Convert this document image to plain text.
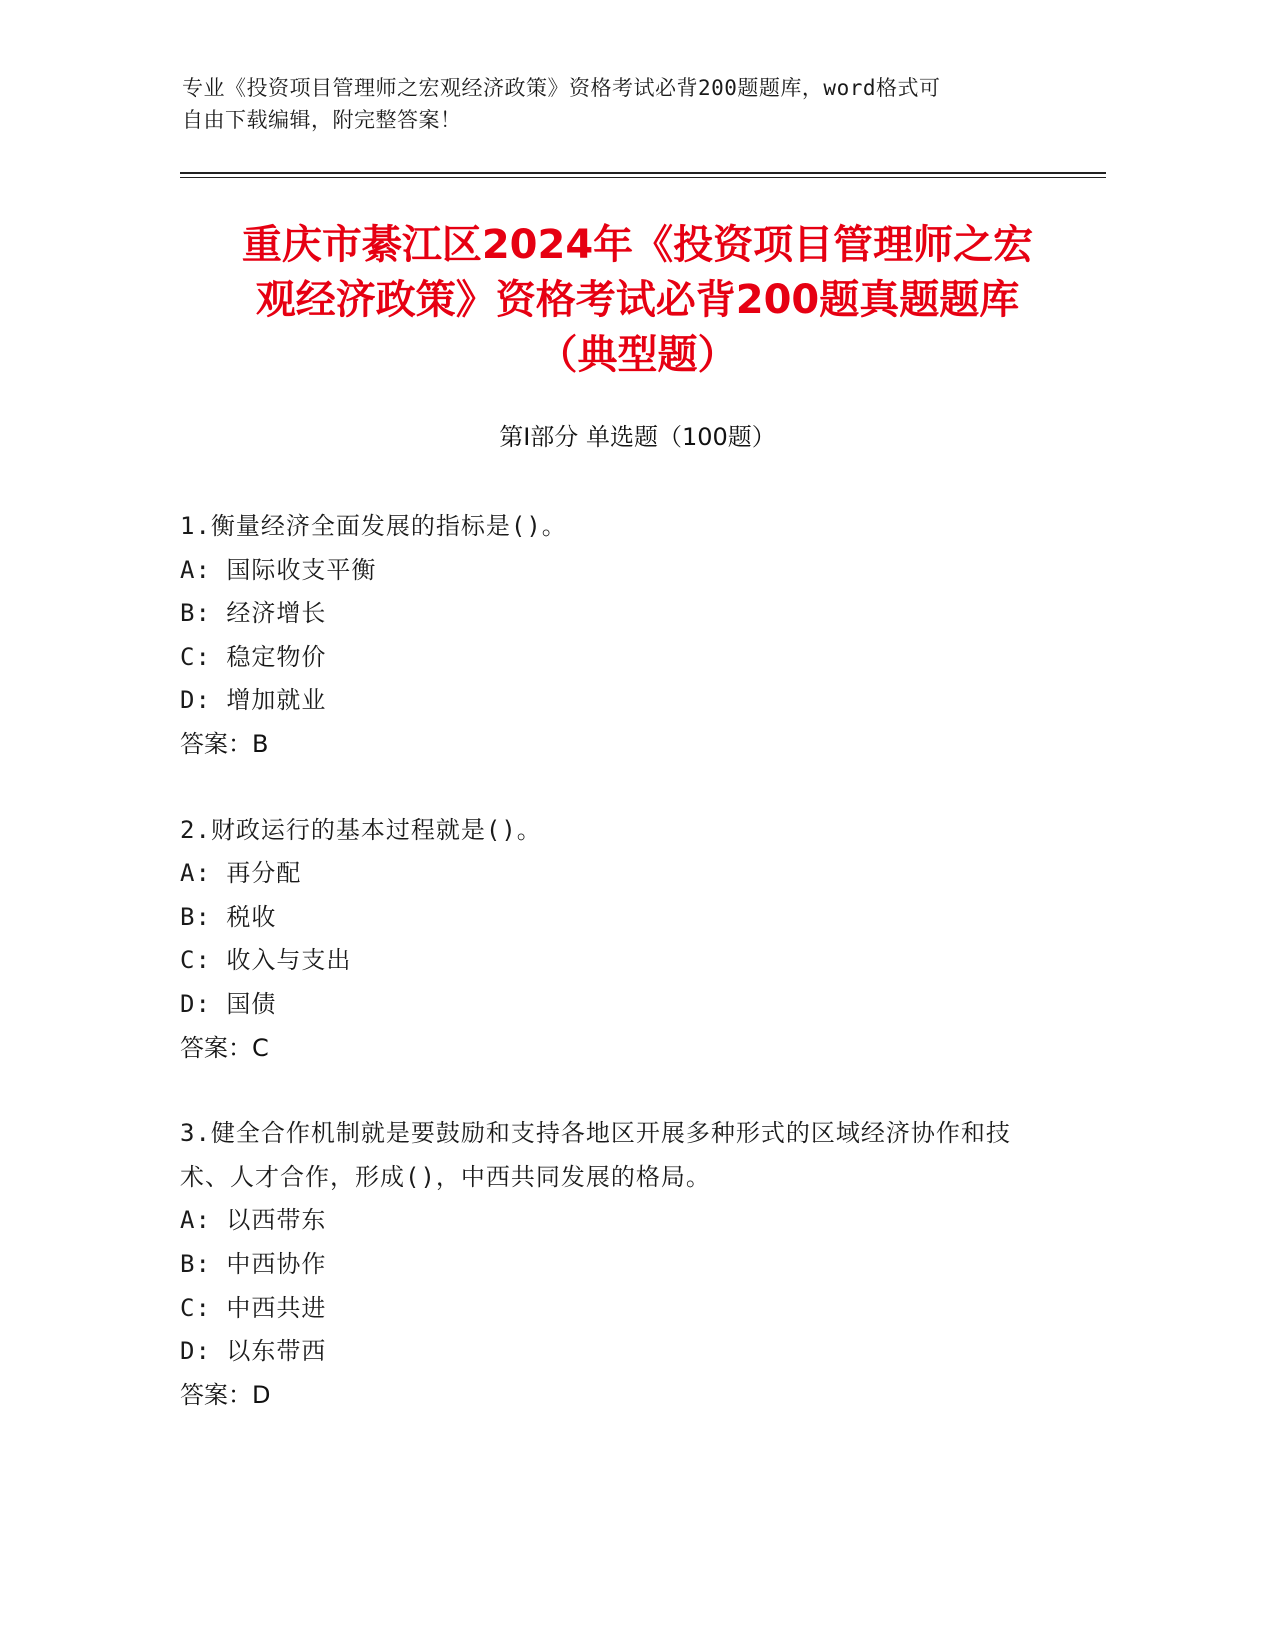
专业《投资项目管理师之宏观经济政策》资格考试必背200题题库，word格式可
自由下载编辑，附完整答案！
重庆市綦江区2024年《投资项目管理师之宏
观经济政策》资格考试必背200题真题题库
（典型题）
第Ⅰ部分 单选题（100题）
1.衡量经济全面发展的指标是()。
A: 国际收支平衡
B: 经济增长
C: 稳定物价
D: 增加就业
答案：B
2.财政运行的基本过程就是()。
A: 再分配
B: 税收
C: 收入与支出
D: 国债
答案：C
3.健全合作机制就是要鼓励和支持各地区开展多种形式的区域经济协作和技术、人才合作，形成()，中西共同发展的格局。
A: 以西带东
B: 中西协作
C: 中西共进
D: 以东带西
答案：D
